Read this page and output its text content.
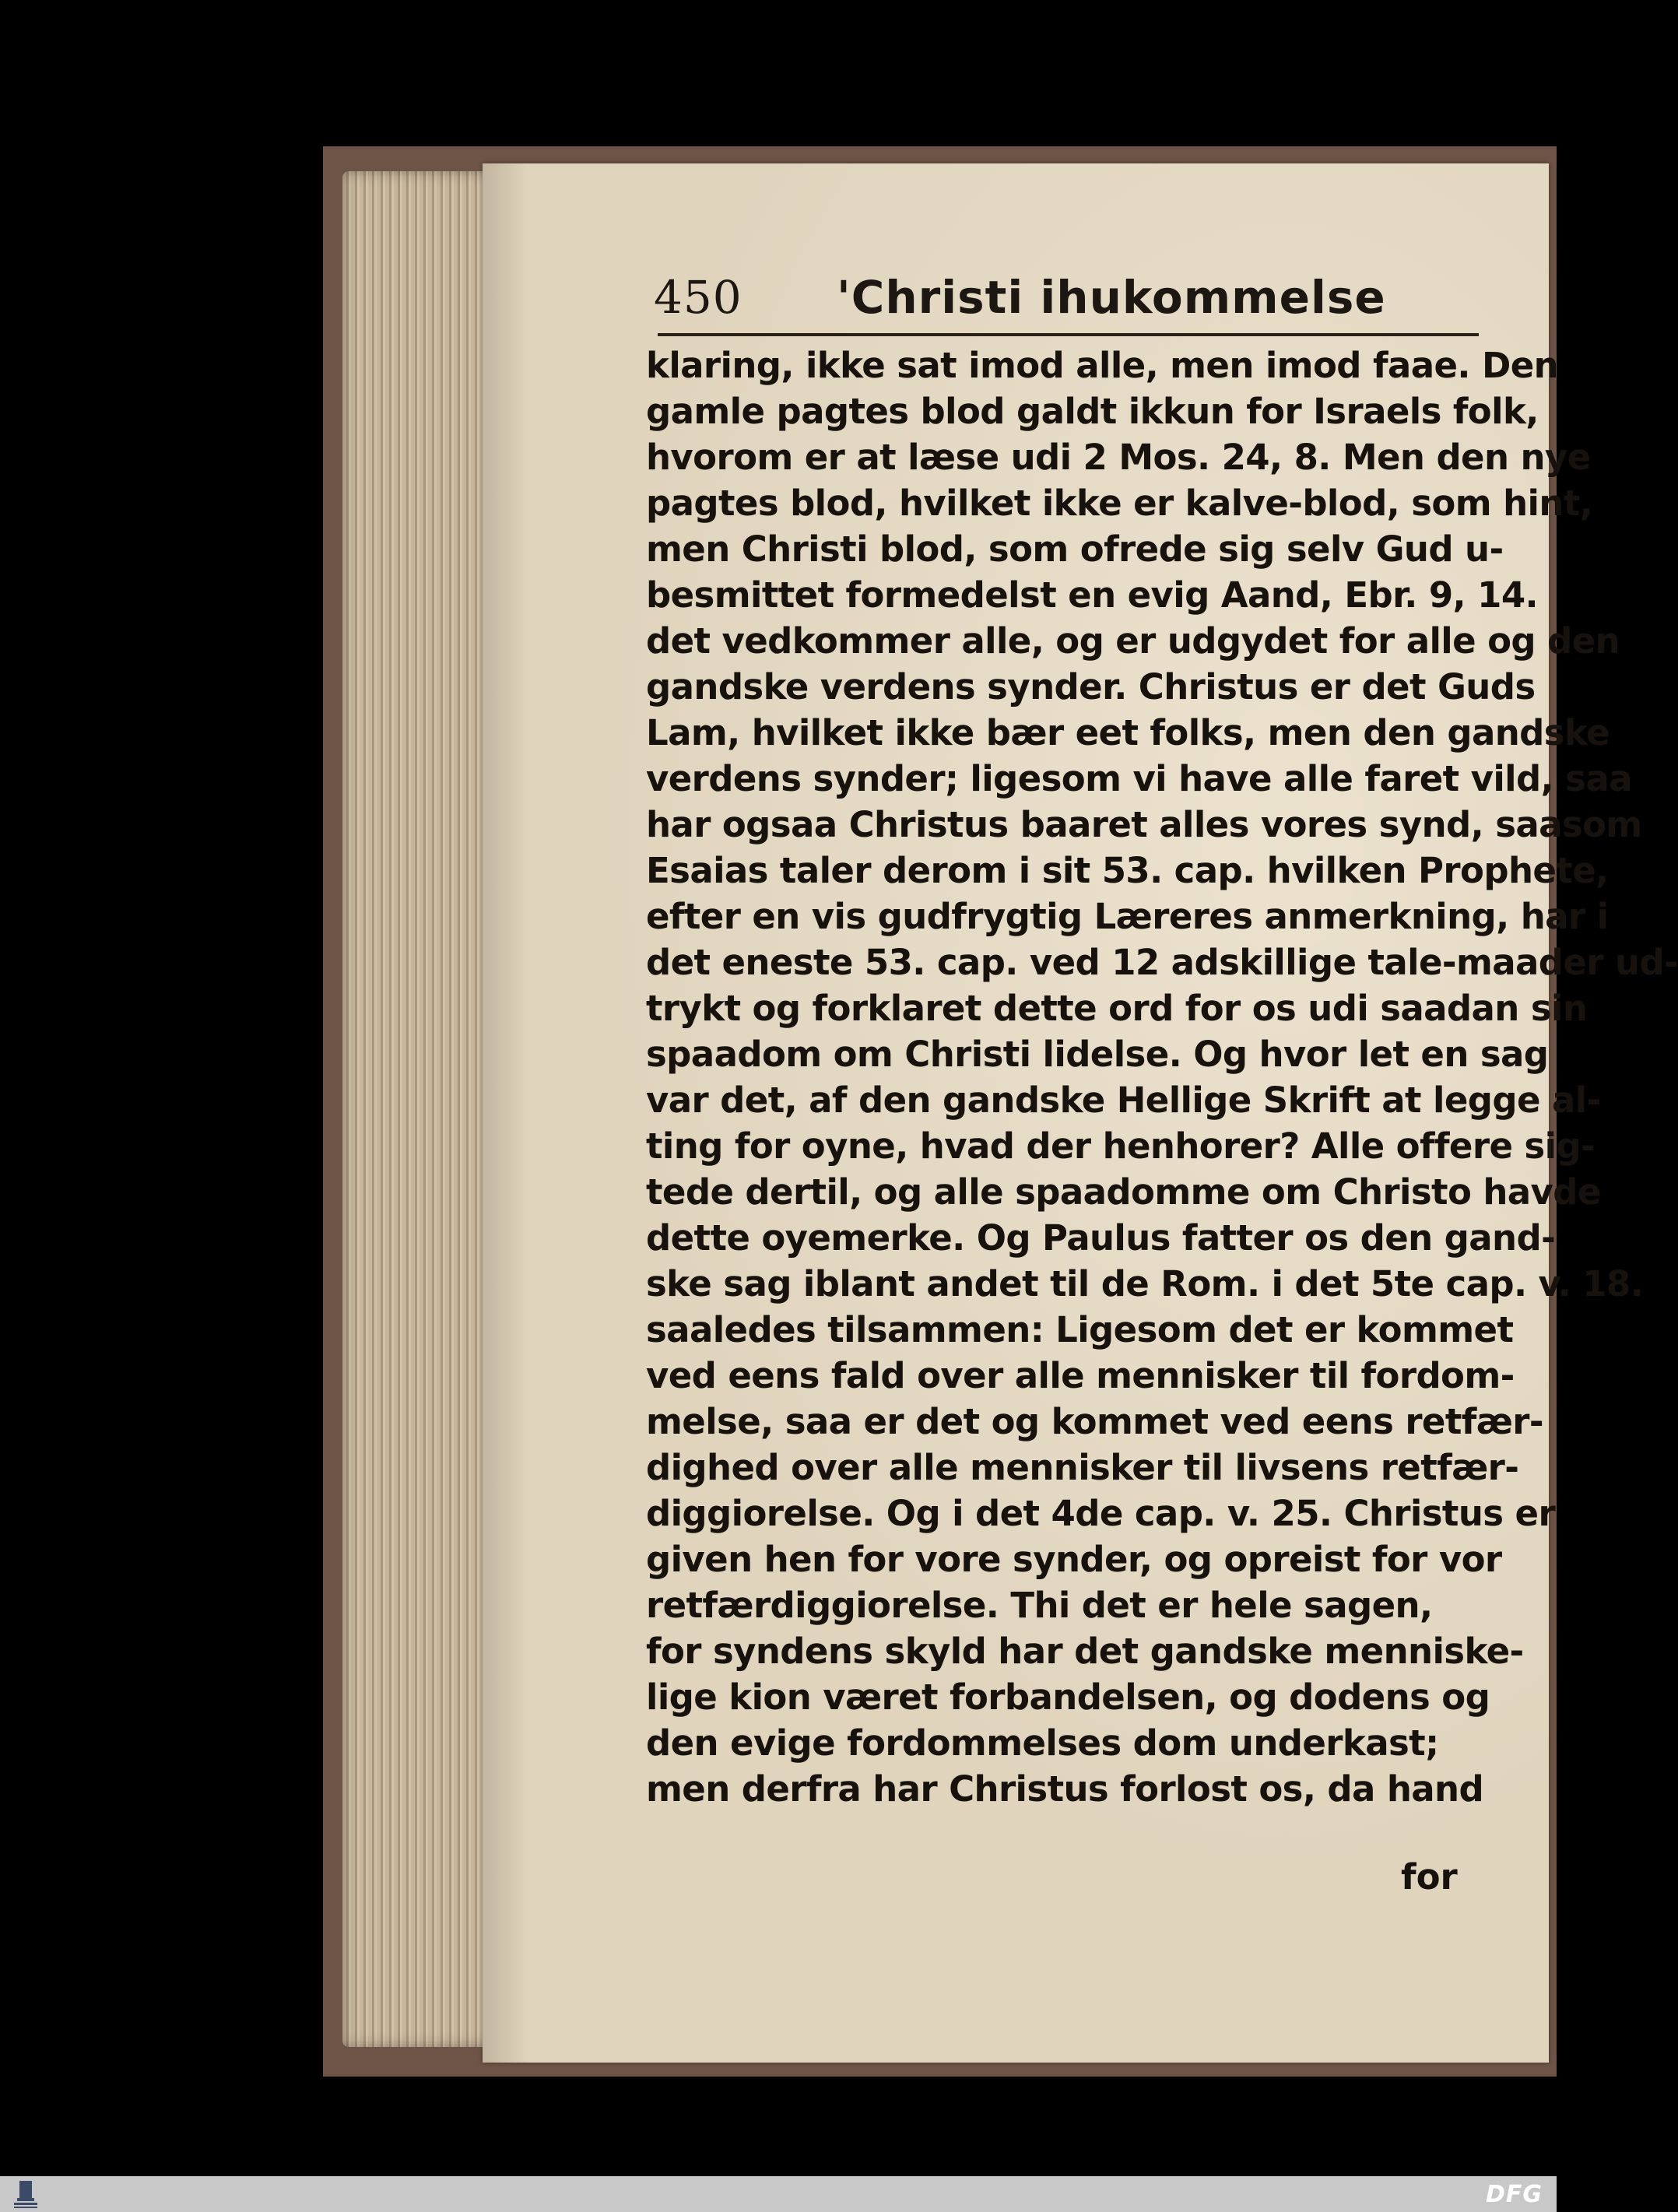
450 'Christi ihukommelse
klaring, ikke sat imod alle, men imod faae. Den
gamle pagtes blod galdt ikkun for Israels folk,
hvorom er at læse udi 2 Mos. 24, 8. Men den nye
pagtes blod, hvilket ikke er kalve-blod, som hint,
men Christi blod, som ofrede sig selv Gud u-
besmittet formedelst en evig Aand, Ebr. 9, 14.
det vedkommer alle, og er udgydet for alle og den
gandske verdens synder. Christus er det Guds
Lam, hvilket ikke bær eet folks, men den gandske
verdens synder; ligesom vi have alle faret vild, saa
har ogsaa Christus baaret alles vores synd, saasom
Esaias taler derom i sit 53. cap. hvilken Prophete,
efter en vis gudfrygtig Læreres anmerkning, har i
det eneste 53. cap. ved 12 adskillige tale-maader ud-
trykt og forklaret dette ord for os udi saadan sin
spaadom om Christi lidelse. Og hvor let en sag
var det, af den gandske Hellige Skrift at legge al-
ting for oyne, hvad der henhorer? Alle offere sig-
tede dertil, og alle spaadomme om Christo havde
dette oyemerke. Og Paulus fatter os den gand-
ske sag iblant andet til de Rom. i det 5te cap. v. 18.
saaledes tilsammen: Ligesom det er kommet
ved eens fald over alle mennisker til fordom-
melse, saa er det og kommet ved eens retfær-
dighed over alle mennisker til livsens retfær-
diggiorelse. Og i det 4de cap. v. 25. Christus er
given hen for vore synder, og opreist for vor
retfærdiggiorelse. Thi det er hele sagen,
for syndens skyld har det gandske menniske-
lige kion været forbandelsen, og dodens og
den evige fordommelses dom underkast;
men derfra har Christus forlost os, da hand
for
DFG
